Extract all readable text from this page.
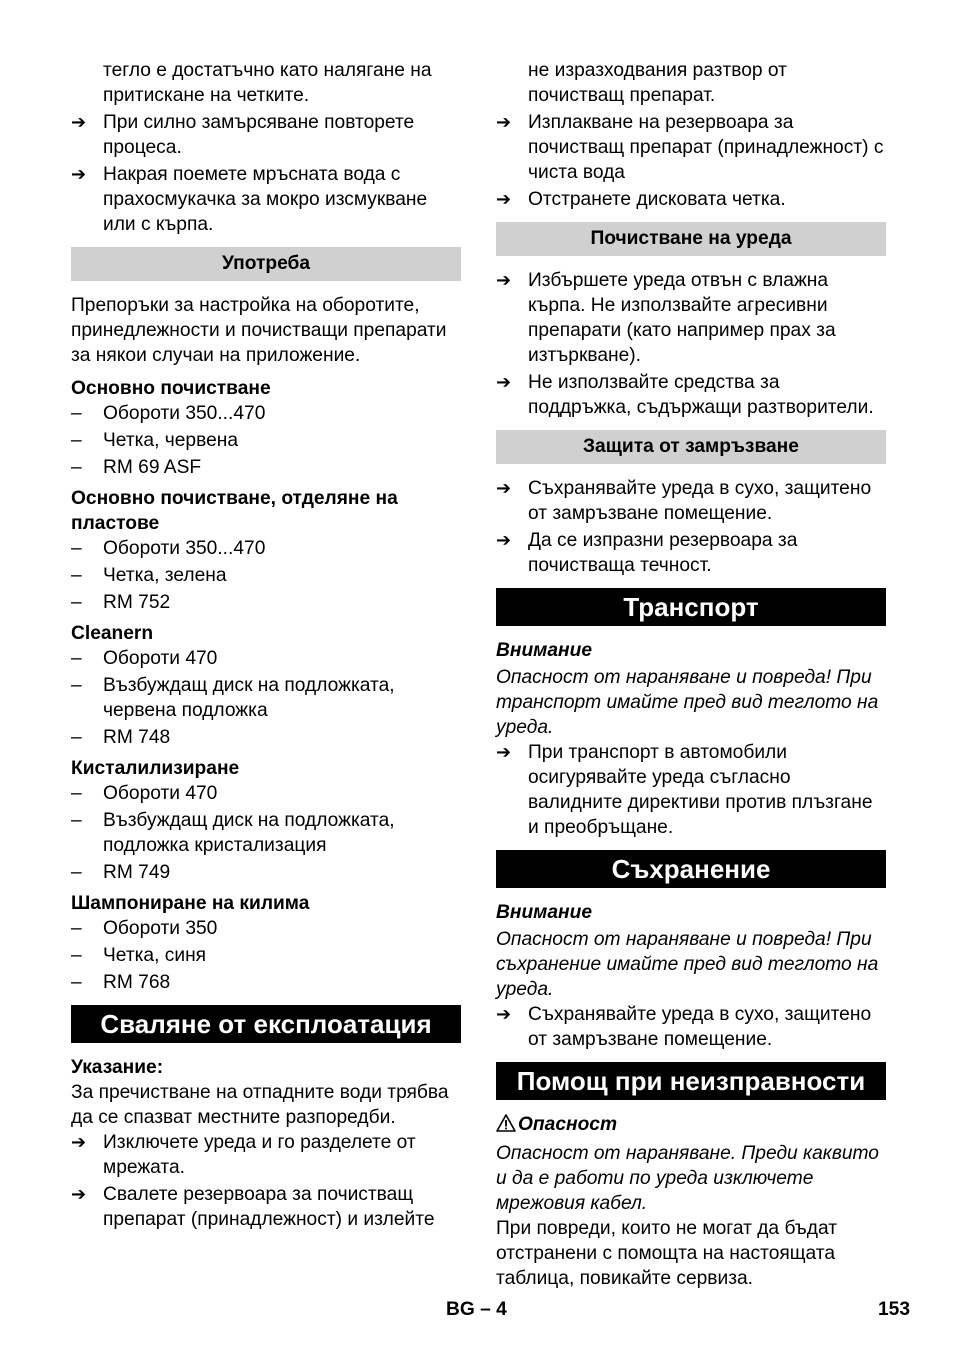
тегло е достатъчно като налягане на притискане на четките.
➔ При силно замърсяване повторете процеса.
➔ Накрая поемете мръсната вода с прахосмукачка за мокро изсмукване или с кърпа.
Употреба

Препоръки за настройка на оборотите, принедлежности и почистващи препарати за някои случаи на приложение.

Основно почистване
–	Обороти 350...470
–	Четка, червена
–	RM 69 ASF
Основно почистване, отделяне на пластове
–	Обороти 350...470
–	Четка, зелена
–	RM 752
Cleanern
–	Обороти 470
–	Възбуждащ диск на подложката, червена подложка
–	RM 748
Кисталилизиране
–	Обороти 470
–	Възбуждащ диск на подложката, подложка кристализация
–	RM 749
Шампониране на килима
–	Обороти 350
–	Четка, синя
–	RM 768
Сваляне от експлоатация
Указание:

За пречистване на отпадните води трябва да се спазват местните разпоредби.

➔ Изключете уреда и го разделете от мрежата.
➔ Свалете резервоара за почистващ препарат (принадлежност) и излейте
не изразходвания разтвор от почистващ препарат.
➔ Изплакване на резервоара за почистващ препарат (принадлежност) с чиста вода
➔ Отстранете дисковата четка.
Почистване на уреда
➔ Избършете уреда отвън с влажна кърпа. Не използвайте агресивни препарати (като например прах за изтъркване).
➔ Не използвайте средства за поддръжка, съдържащи разтворители.
Защита от замръзване
➔ Съхранявайте уреда в сухо, защитено от замръзване помещение.
➔ Да се изпразни резервоара за почистваща течност.
Транспорт
Внимание

Опасност от нараняване и повреда! При транспорт имайте пред вид теглото на уреда.

➔ При транспорт в автомобили осигурявайте уреда съгласно валидните директиви против плъзгане и преобръщане.
Съхранение
Внимание

Опасност от нараняване и повреда! При съхранение имайте пред вид теглото на уреда.

➔ Съхранявайте уреда в сухо, защитено от замръзване помещение.
Помощ при неизправности
Опасност

Опасност от нараняване. Преди каквито и да е работи по уреда изключете мрежовия кабел.

При повреди, които не могат да бъдат отстранени с помощта на настоящата таблица, повикайте сервиза.

BG – 4	153
